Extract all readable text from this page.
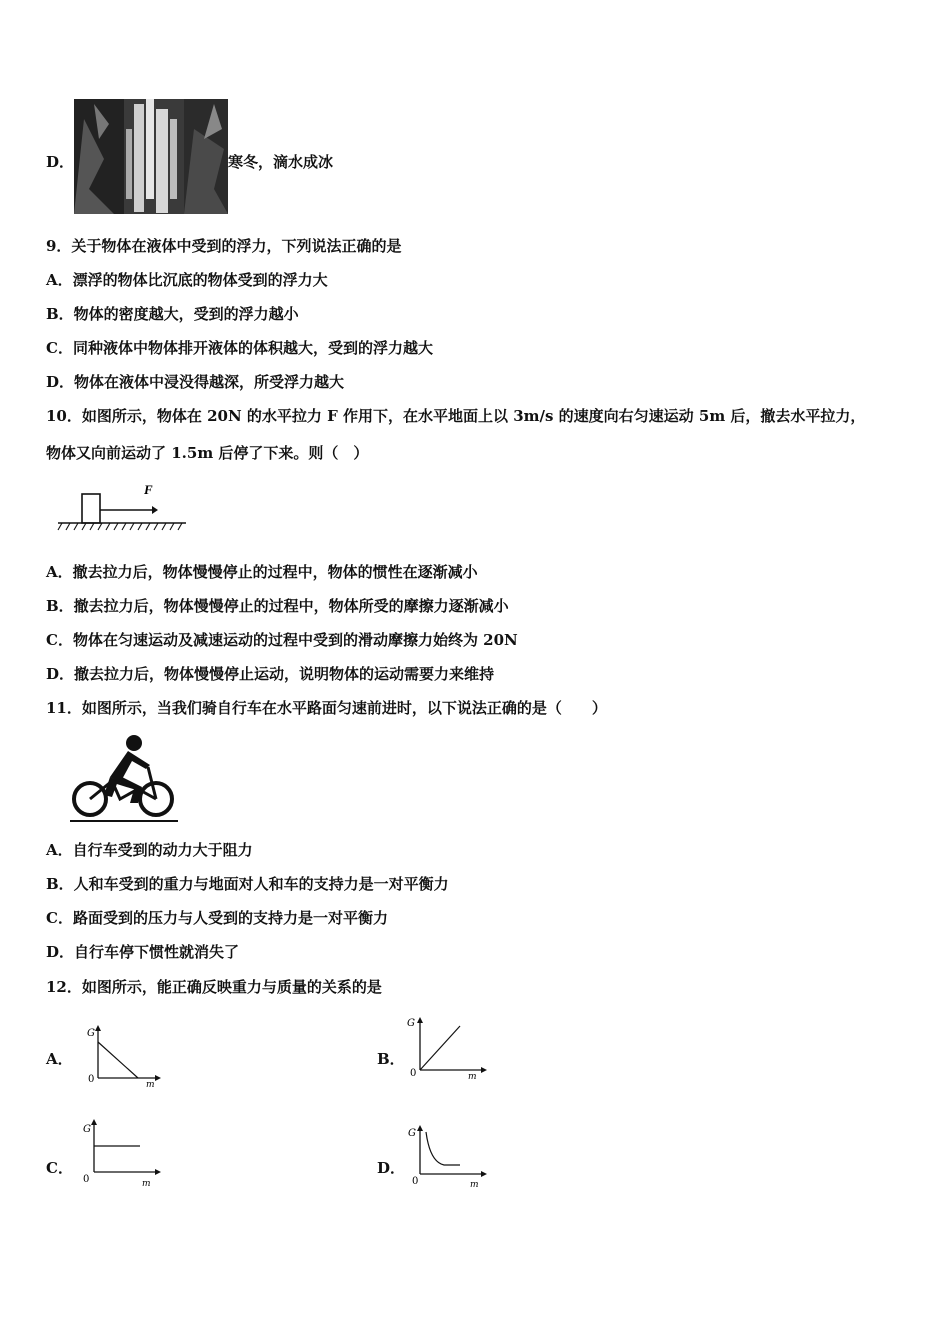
D．	寒冬，滴水成冰
9．关于物体在液体中受到的浮力，下列说法正确的是
A．漂浮的物体比沉底的物体受到的浮力大
B．物体的密度越大，受到的浮力越小
C．同种液体中物体排开液体的体积越大，受到的浮力越大
D．物体在液体中浸没得越深，所受浮力越大
10．如图所示，物体在 20N 的水平拉力 F 作用下，在水平地面上以 3m/s 的速度向右匀速运动 5m 后，撤去水平拉力，
物体又向前运动了 1.5m 后停了下来。则（　）
F
A．撤去拉力后，物体慢慢停止的过程中，物体的惯性在逐渐减小
B．撤去拉力后，物体慢慢停止的过程中，物体所受的摩擦力逐渐减小
C．物体在匀速运动及减速运动的过程中受到的滑动摩擦力始终为 20N
D．撤去拉力后，物体慢慢停止运动，说明物体的运动需要力来维持
11．如图所示，当我们骑自行车在水平路面匀速前进时，以下说法正确的是（　　）
A．自行车受到的动力大于阻力
B．人和车受到的重力与地面对人和车的支持力是一对平衡力
C．路面受到的压力与人受到的支持力是一对平衡力
D．自行车停下惯性就消失了
12．如图所示，能正确反映重力与质量的关系的是
A．
G
0	m
B．
G
0	m
C．
G
0	m
D．
G
0	m
